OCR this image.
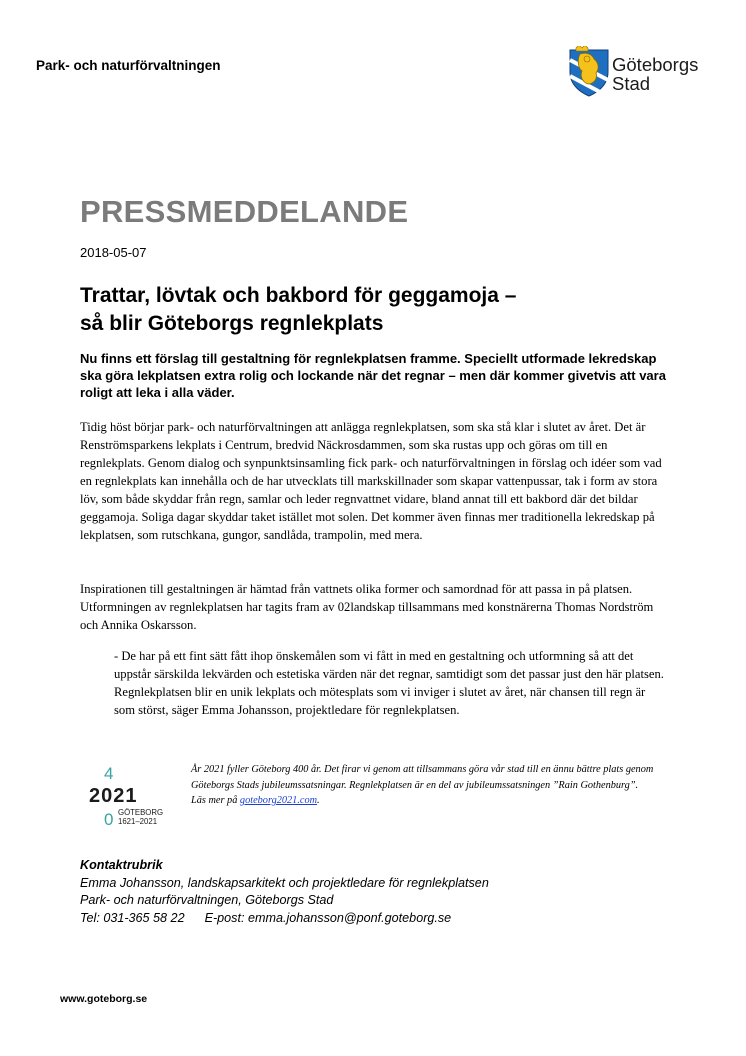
Park- och naturförvaltningen	Göteborgs
Stad
PRESSMEDDELANDE
2018-05-07
Trattar, lövtak och bakbord för geggamoja –
så blir Göteborgs regnlekplats

Nu finns ett förslag till gestaltning för regnlekplatsen framme. Speciellt utformade lekredskap ska göra lekplatsen extra rolig och lockande när det regnar – men där kommer givetvis att vara roligt att leka i alla väder.

Tidig höst börjar park- och naturförvaltningen att anlägga regnlekplatsen, som ska stå klar i slutet av året. Det är Renströmsparkens lekplats i Centrum, bredvid Näckrosdammen, som ska rustas upp och göras om till en regnlekplats. Genom dialog och synpunktsinsamling fick park- och naturförvaltningen in förslag och idéer som vad en regnlekplats kan innehålla och de har utvecklats till markskillnader som skapar vattenpussar, tak i form av stora löv, som både skyddar från regn, samlar och leder regnvattnet vidare, bland annat till ett bakbord där det bildar geggamoja. Soliga dagar skyddar taket istället mot solen. Det kommer även finnas mer traditionella lekredskap på lekplatsen, som rutschkana, gungor, sandlåda, trampolin, med mera.

Inspirationen till gestaltningen är hämtad från vattnets olika former och samordnad för att passa in på platsen. Utformningen av regnlekplatsen har tagits fram av 02landskap tillsammans med konstnärerna Thomas Nordström och Annika Oskarsson.

- De har på ett fint sätt fått ihop önskemålen som vi fått in med en gestaltning och utformning så att det uppstår särskilda lekvärden och estetiska värden när det regnar, samtidigt som det passar just den här platsen. Regnlekplatsen blir en unik lekplats och mötesplats som vi inviger i slutet av året, när chansen till regn är som störst, säger Emma Johansson, projektledare för regnlekplatsen.

4
2021
0 GÖTEBORG
1621–2021
År 2021 fyller Göteborg 400 år. Det firar vi genom att tillsammans göra vår stad till en ännu bättre plats genom Göteborgs Stads jubileumssatsningar. Regnlekplatsen är en del av jubileumssatsningen ”Rain Gothenburg”.
Läs mer på goteborg2021.com.
Kontaktrubrik
Emma Johansson, landskapsarkitekt och projektledare för regnlekplatsen
Park- och naturförvaltningen, Göteborgs Stad
Tel: 031-365 58 22 E-post: emma.johansson@ponf.goteborg.se
www.goteborg.se
